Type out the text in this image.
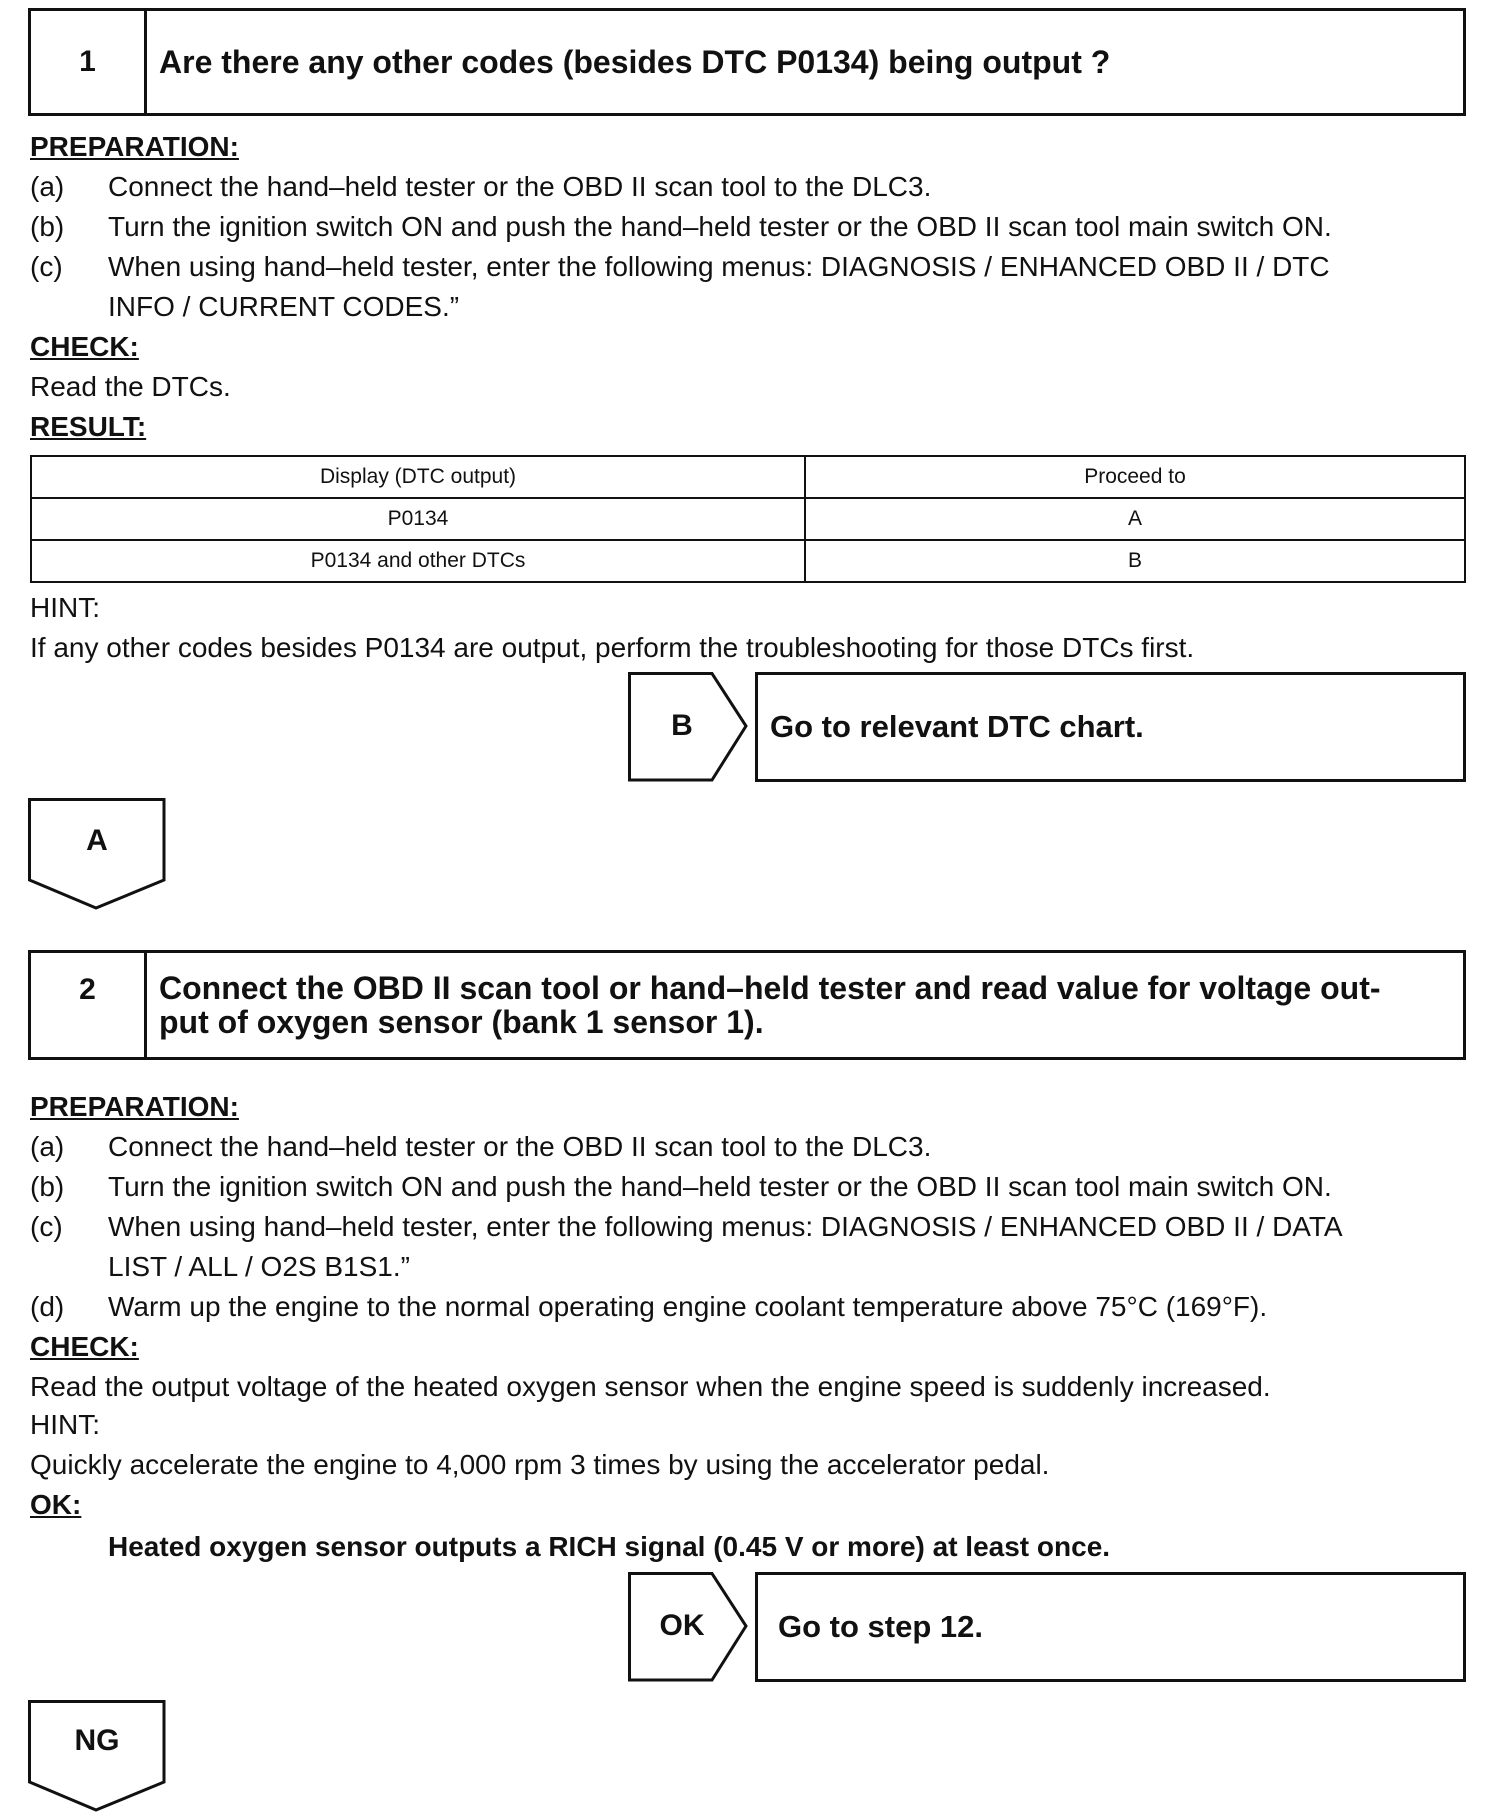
1	Are there any other codes (besides DTC P0134) being output ?
PREPARATION:
(a) Connect the hand–held tester or the OBD II scan tool to the DLC3.
(b) Turn the ignition switch ON and push the hand–held tester or the OBD II scan tool main switch ON.
(c) When using hand–held tester, enter the following menus: DIAGNOSIS / ENHANCED OBD II / DTC
INFO / CURRENT CODES.”
CHECK:
Read the DTCs.
RESULT:
Display (DTC output)	Proceed to
P0134	A
P0134 and other DTCs	B
HINT:
If any other codes besides P0134 are output, perform the troubleshooting for those DTCs first.
B	Go to relevant DTC chart.
A
2	Connect the OBD II scan tool or hand–held tester and read value for voltage out-
put of oxygen sensor (bank 1 sensor 1).
PREPARATION:
(a) Connect the hand–held tester or the OBD II scan tool to the DLC3.
(b) Turn the ignition switch ON and push the hand–held tester or the OBD II scan tool main switch ON.
(c) When using hand–held tester, enter the following menus: DIAGNOSIS / ENHANCED OBD II / DATA
LIST / ALL / O2S B1S1.”
(d) Warm up the engine to the normal operating engine coolant temperature above 75°C (169°F).
CHECK:
Read the output voltage of the heated oxygen sensor when the engine speed is suddenly increased.
HINT:
Quickly accelerate the engine to 4,000 rpm 3 times by using the accelerator pedal.
OK:
Heated oxygen sensor outputs a RICH signal (0.45 V or more) at least once.
OK	Go to step 12.
NG
